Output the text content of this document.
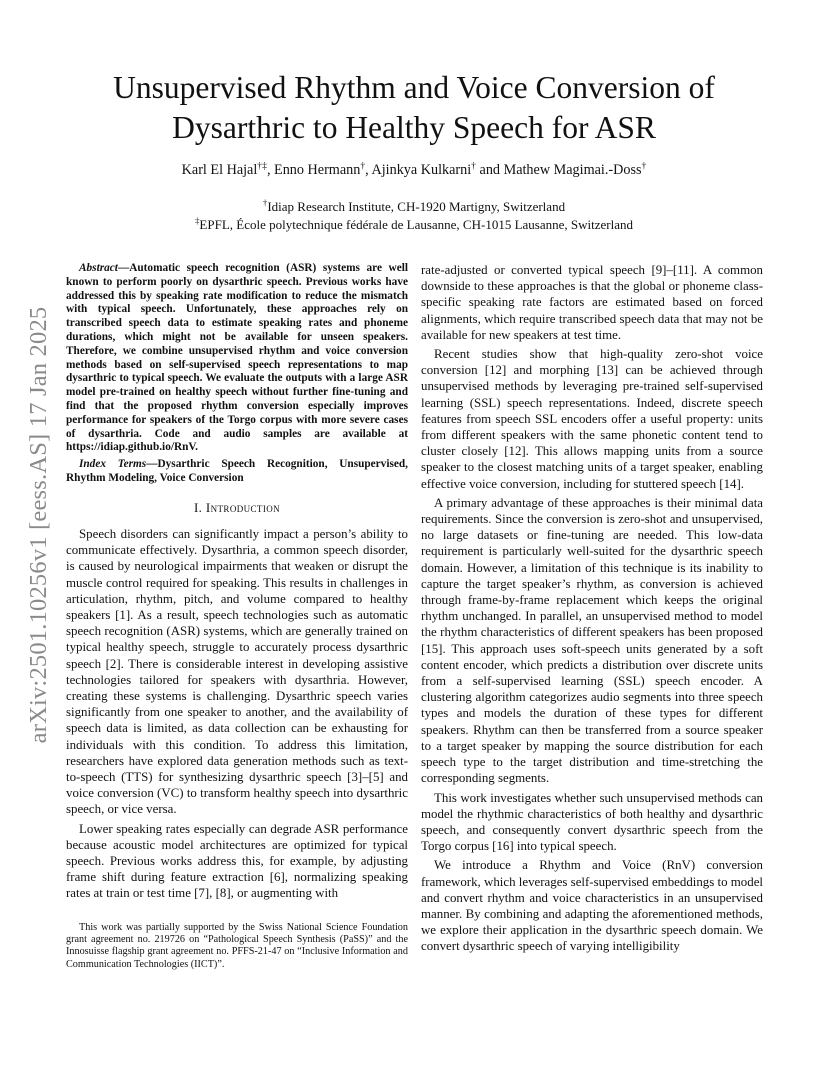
arXiv:2501.10256v1 [eess.AS] 17 Jan 2025
Unsupervised Rhythm and Voice Conversion of
Dysarthric to Healthy Speech for ASR
Karl El Hajal†‡, Enno Hermann†, Ajinkya Kulkarni† and Mathew Magimai.-Doss†
†Idiap Research Institute, CH-1920 Martigny, Switzerland
‡EPFL, École polytechnique fédérale de Lausanne, CH-1015 Lausanne, Switzerland

Abstract—Automatic speech recognition (ASR) systems are well known to perform poorly on dysarthric speech. Previous works have addressed this by speaking rate modification to reduce the mismatch with typical speech. Unfortunately, these approaches rely on transcribed speech data to estimate speaking rates and phoneme durations, which might not be available for unseen speakers. Therefore, we combine unsupervised rhythm and voice conversion methods based on self-supervised speech representations to map dysarthric to typical speech. We evaluate the outputs with a large ASR model pre-trained on healthy speech without further fine-tuning and find that the proposed rhythm conversion especially improves performance for speakers of the Torgo corpus with more severe cases of dysarthria. Code and audio samples are available at https://idiap.github.io/RnV.

Index Terms—Dysarthric Speech Recognition, Unsupervised, Rhythm Modeling, Voice Conversion

I. Introduction

Speech disorders can significantly impact a person’s ability to communicate effectively. Dysarthria, a common speech disorder, is caused by neurological impairments that weaken or disrupt the muscle control required for speaking. This results in challenges in articulation, rhythm, pitch, and volume compared to healthy speakers [1]. As a result, speech technologies such as automatic speech recognition (ASR) systems, which are generally trained on typical healthy speech, struggle to accurately process dysarthric speech [2]. There is considerable interest in developing assistive technologies tailored for speakers with dysarthria. However, creating these systems is challenging. Dysarthric speech varies significantly from one speaker to another, and the availability of speech data is limited, as data collection can be exhausting for individuals with this condition. To address this limitation, researchers have explored data generation methods such as text-to-speech (TTS) for synthesizing dysarthric speech [3]–[5] and voice conversion (VC) to transform healthy speech into dysarthric speech, or vice versa.

Lower speaking rates especially can degrade ASR performance because acoustic model architectures are optimized for typical speech. Previous works address this, for example, by adjusting frame shift during feature extraction [6], normalizing speaking rates at train or test time [7], [8], or augmenting with

This work was partially supported by the Swiss National Science Foundation grant agreement no. 219726 on “Pathological Speech Synthesis (PaSS)” and the Innosuisse flagship grant agreement no. PFFS-21-47 on “Inclusive Information and Communication Technologies (IICT)”.

rate-adjusted or converted typical speech [9]–[11]. A common downside to these approaches is that the global or phoneme class-specific speaking rate factors are estimated based on forced alignments, which require transcribed speech data that may not be available for new speakers at test time.

Recent studies show that high-quality zero-shot voice conversion [12] and morphing [13] can be achieved through unsupervised methods by leveraging pre-trained self-supervised learning (SSL) speech representations. Indeed, discrete speech features from speech SSL encoders offer a useful property: units from different speakers with the same phonetic content tend to cluster closely [12]. This allows mapping units from a source speaker to the closest matching units of a target speaker, enabling effective voice conversion, including for stuttered speech [14].

A primary advantage of these approaches is their minimal data requirements. Since the conversion is zero-shot and unsupervised, no large datasets or fine-tuning are needed. This low-data requirement is particularly well-suited for the dysarthric speech domain. However, a limitation of this technique is its inability to capture the target speaker’s rhythm, as conversion is achieved through frame-by-frame replacement which keeps the original rhythm unchanged. In parallel, an unsupervised method to model the rhythm characteristics of different speakers has been proposed [15]. This approach uses soft-speech units generated by a soft content encoder, which predicts a distribution over discrete units from a self-supervised learning (SSL) speech encoder. A clustering algorithm categorizes audio segments into three speech types and models the duration of these types for different speakers. Rhythm can then be transferred from a source speaker to a target speaker by mapping the source distribution for each speech type to the target distribution and time-stretching the corresponding segments.

This work investigates whether such unsupervised methods can model the rhythmic characteristics of both healthy and dysarthric speech, and consequently convert dysarthric speech from the Torgo corpus [16] into typical speech.

We introduce a Rhythm and Voice (RnV) conversion framework, which leverages self-supervised embeddings to model and convert rhythm and voice characteristics in an unsupervised manner. By combining and adapting the aforementioned methods, we explore their application in the dysarthric speech domain. We convert dysarthric speech of varying intelligibility
